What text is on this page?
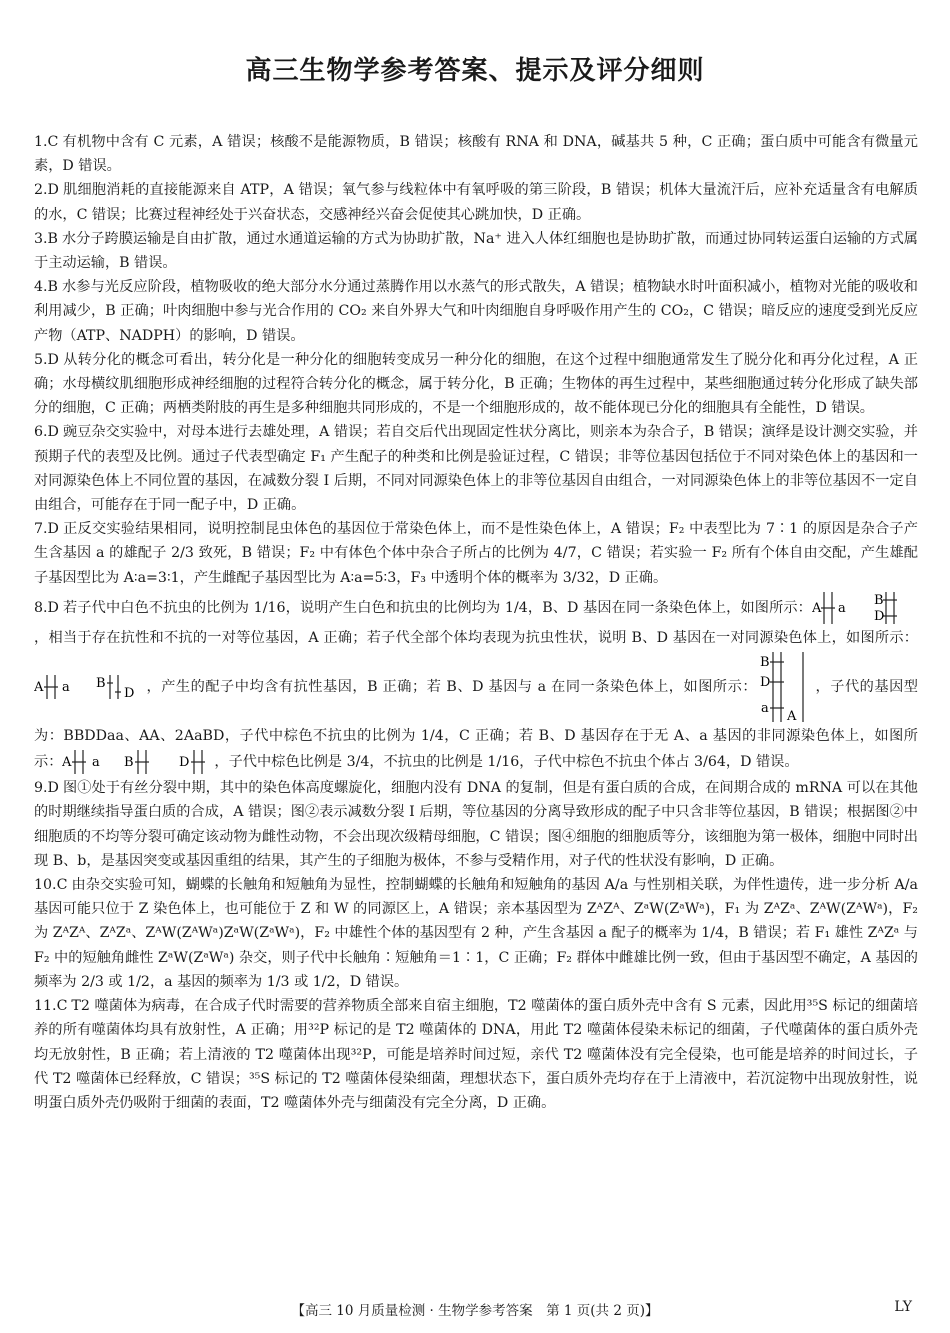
高三生物学参考答案、提示及评分细则

1.C 有机物中含有 C 元素，A 错误；核酸不是能源物质，B 错误；核酸有 RNA 和 DNA，碱基共 5 种，C 正确；蛋白质中可能含有微量元素，D 错误。

2.D 肌细胞消耗的直接能源来自 ATP，A 错误；氧气参与线粒体中有氧呼吸的第三阶段，B 错误；机体大量流汗后，应补充适量含有电解质的水，C 错误；比赛过程神经处于兴奋状态，交感神经兴奋会促使其心跳加快，D 正确。

3.B 水分子跨膜运输是自由扩散，通过水通道运输的方式为协助扩散，Na⁺ 进入人体红细胞也是协助扩散，而通过协同转运蛋白运输的方式属于主动运输，B 错误。

4.B 水参与光反应阶段，植物吸收的绝大部分水分通过蒸腾作用以水蒸气的形式散失，A 错误；植物缺水时叶面积减小，植物对光能的吸收和利用减少，B 正确；叶肉细胞中参与光合作用的 CO₂ 来自外界大气和叶肉细胞自身呼吸作用产生的 CO₂，C 错误；暗反应的速度受到光反应产物（ATP、NADPH）的影响，D 错误。

5.D 从转分化的概念可看出，转分化是一种分化的细胞转变成另一种分化的细胞，在这个过程中细胞通常发生了脱分化和再分化过程，A 正确；水母横纹肌细胞形成神经细胞的过程符合转分化的概念，属于转分化，B 正确；生物体的再生过程中，某些细胞通过转分化形成了缺失部分的细胞，C 正确；两栖类附肢的再生是多种细胞共同形成的，不是一个细胞形成的，故不能体现已分化的细胞具有全能性，D 错误。

6.D 豌豆杂交实验中，对母本进行去雄处理，A 错误；若自交后代出现固定性状分离比，则亲本为杂合子，B 错误；演绎是设计测交实验，并预期子代的表型及比例。通过子代表型确定 F₁ 产生配子的种类和比例是验证过程，C 错误；非等位基因包括位于不同对染色体上的基因和一对同源染色体上不同位置的基因，在减数分裂 Ⅰ 后期，不同对同源染色体上的非等位基因自由组合，一对同源染色体上的非等位基因不一定自由组合，可能存在于同一配子中，D 正确。

7.D 正反交实验结果相同，说明控制昆虫体色的基因位于常染色体上，而不是性染色体上，A 错误；F₂ 中表型比为 7∶1 的原因是杂合子产生含基因 a 的雄配子 2/3 致死，B 错误；F₂ 中有体色个体中杂合子所占的比例为 4/7，C 错误；若实验一 F₂ 所有个体自由交配，产生雄配子基因型比为 A∶a=3∶1，产生雌配子基因型比为 A∶a=5∶3，F₃ 中透明个体的概率为 3/32，D 正确。

8.D 若子代中白色不抗虫的比例为 1/16，说明产生白色和抗虫的比例均为 1/4，B、D 基因在同一条染色体上，如图所示： A a
B
D
，相当于存在抗性和不抗的一对等位基因，A 正确；若子代全部个体均表现为抗虫性状，说明 B、D 基因在一对同源染色体上，如图所示：
A a B
D ，产生的配子中均含有抗性基因，B 正确；若 B、D 基因与 a 在同一条染色体上，如图所示：
B
D
a
A
，子代的基因型为：BBDDaa、AA、2AaBD，子代中棕色不抗虫的比例为 1/4，C 正确；若 B、D 基因存在于无 A、a 基因的非同源染色体上，如图所示： A a B	D ，子代中棕色比例是 3/4，不抗虫的比例是 1/16，子代中棕色不抗虫个体占 3/64，D 错误。

9.D 图①处于有丝分裂中期，其中的染色体高度螺旋化，细胞内没有 DNA 的复制，但是有蛋白质的合成，在间期合成的 mRNA 可以在其他的时期继续指导蛋白质的合成，A 错误；图②表示减数分裂 Ⅰ 后期，等位基因的分离导致形成的配子中只含非等位基因，B 错误；根据图②中细胞质的不均等分裂可确定该动物为雌性动物，不会出现次级精母细胞，C 错误；图④细胞的细胞质等分，该细胞为第一极体，细胞中同时出现 B、b，是基因突变或基因重组的结果，其产生的子细胞为极体，不参与受精作用，对子代的性状没有影响，D 正确。

10.C 由杂交实验可知，蝴蝶的长触角和短触角为显性，控制蝴蝶的长触角和短触角的基因 A/a 与性别相关联，为伴性遗传，进一步分析 A/a 基因可能只位于 Z 染色体上，也可能位于 Z 和 W 的同源区上，A 错误；亲本基因型为 ZᴬZᴬ、ZᵃW(ZᵃWᵃ)，F₁ 为 ZᴬZᵃ、ZᴬW(ZᴬWᵃ)，F₂ 为 ZᴬZᴬ、ZᴬZᵃ、ZᴬW(ZᴬWᵃ)ZᵃW(ZᵃWᵃ)，F₂ 中雄性个体的基因型有 2 种，产生含基因 a 配子的概率为 1/4，B 错误；若 F₁ 雄性 ZᴬZᵃ 与 F₂ 中的短触角雌性 ZᵃW(ZᵃWᵃ) 杂交，则子代中长触角∶短触角＝1∶1，C 正确；F₂ 群体中雌雄比例一致，但由于基因型不确定，A 基因的频率为 2/3 或 1/2，a 基因的频率为 1/3 或 1/2，D 错误。

11.C T2 噬菌体为病毒，在合成子代时需要的营养物质全部来自宿主细胞，T2 噬菌体的蛋白质外壳中含有 S 元素，因此用³⁵S 标记的细菌培养的所有噬菌体均具有放射性，A 正确；用³²P 标记的是 T2 噬菌体的 DNA，用此 T2 噬菌体侵染未标记的细菌，子代噬菌体的蛋白质外壳均无放射性，B 正确；若上清液的 T2 噬菌体出现³²P，可能是培养时间过短，亲代 T2 噬菌体没有完全侵染，也可能是培养的时间过长，子代 T2 噬菌体已经释放，C 错误；³⁵S 标记的 T2 噬菌体侵染细菌，理想状态下，蛋白质外壳均存在于上清液中，若沉淀物中出现放射性，说明蛋白质外壳仍吸附于细菌的表面，T2 噬菌体外壳与细菌没有完全分离，D 正确。

【高三 10 月质量检测 · 生物学参考答案　第 1 页(共 2 页)】	LY
